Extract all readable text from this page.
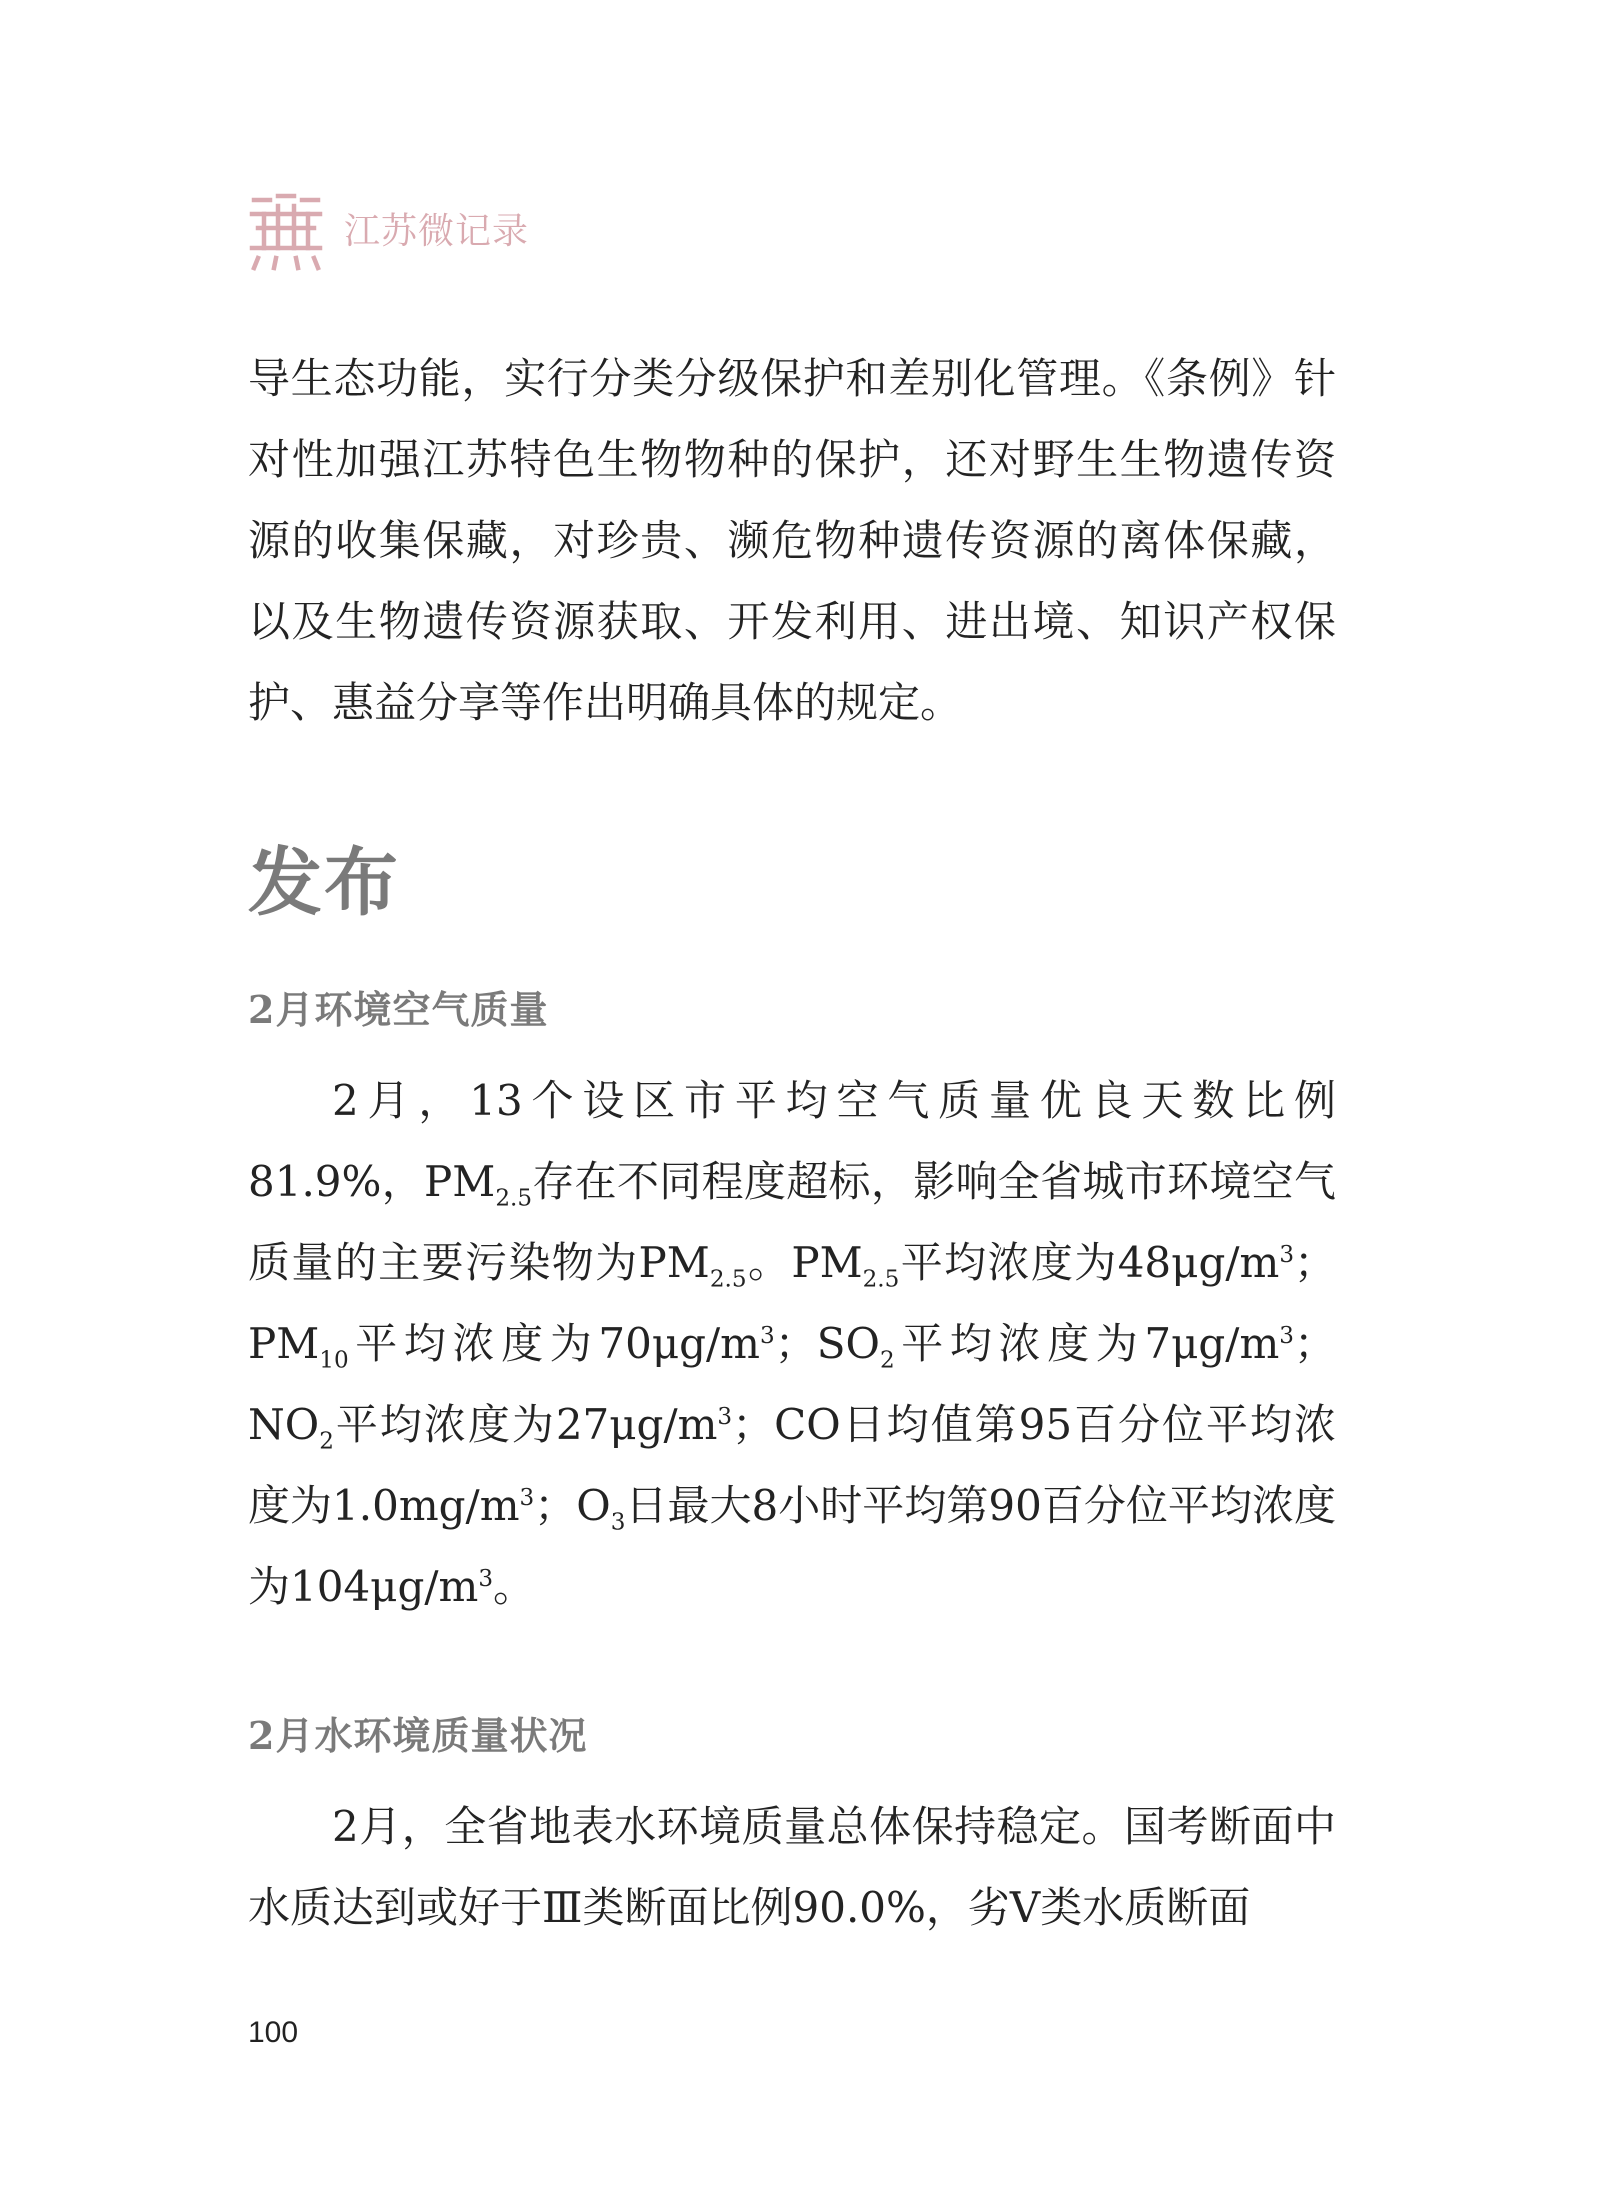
江苏微记录

导生态功能，实行分类分级保护和差别化管理。《条例》针对性加强江苏特色生物物种的保护，还对野生生物遗传资源的收集保藏，对珍贵、濒危物种遗传资源的离体保藏，以及生物遗传资源获取、开发利用、进出境、知识产权保护、惠益分享等作出明确具体的规定。

发布
2月环境空气质量

2月，13个设区市平均空气质量优良天数比例81.9%，$PM_{2.5}$存在不同程度超标，影响全省城市环境空气质量的主要污染物为$PM_{2.5}$。$PM_{2.5}$平均浓度为$48\mu g/m^3$；$PM_{10}$平均浓度为$70\mu g/m^3$；$SO_2$平均浓度为$7\mu g/m^3$；$NO_2$平均浓度为$27\mu g/m^3$；CO日均值第95百分位平均浓度为$1.0mg/m^3$；$O_3$日最大8小时平均第90百分位平均浓度为$104\mu g/m^3$。

2月水环境质量状况

2月，全省地表水环境质量总体保持稳定。国考断面中水质达到或好于Ⅲ类断面比例90.0%，劣Ⅴ类水质断面

100
